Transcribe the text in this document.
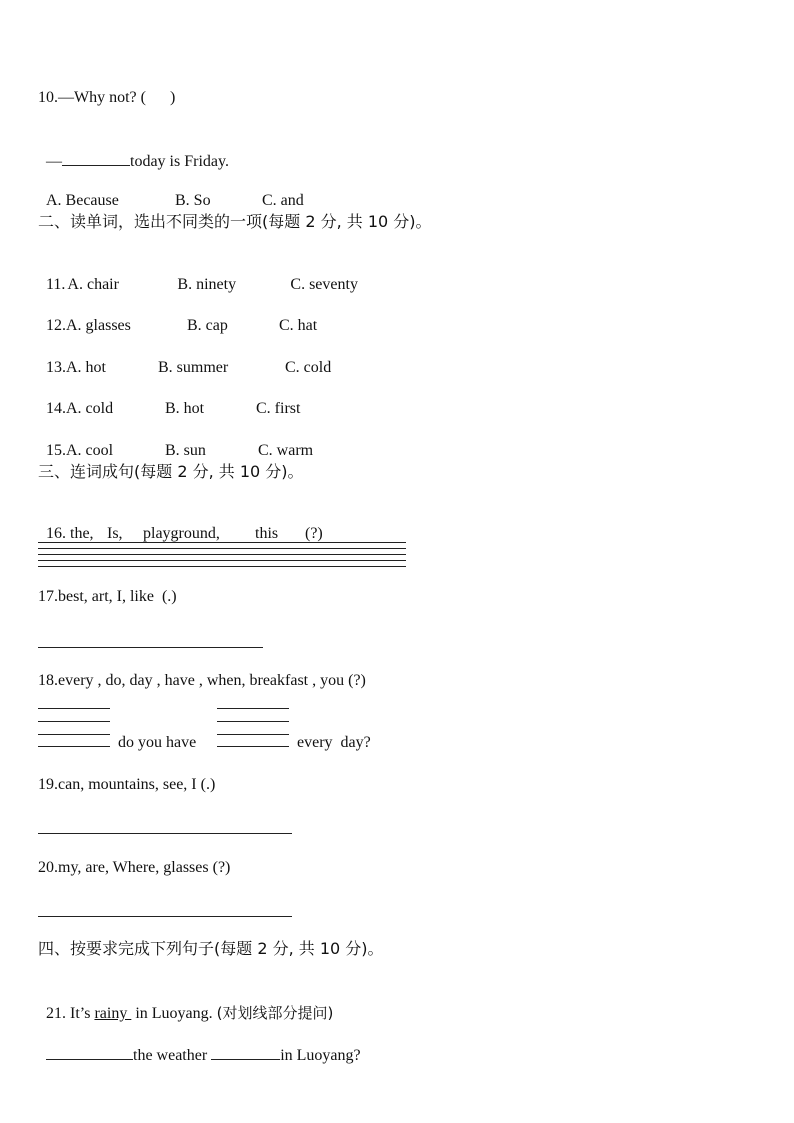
10.—Why not? (      )

—	today is Friday.

A. Because	B. So	C. and

二、读单词，选出不同类的一项(每题 2 分, 共 10 分)。

11. A. chair	B. ninety	C. seventy

12.A. glasses	B. cap	C. hat

13.A. hot	B. summer	C. cold

14.A. cold	B. hot	C. first

15.A. cool	B. sun	C. warm

三、连词成句(每题 2 分, 共 10 分)。

16. the, Is, playground, this (?)

17.best, art, I, like  (.)
18.every , do, day , have , when, breakfast , you (?)
do you have	every  day?
19.can, mountains, see, I (.)
20.my, are, Where, glasses (?)
四、按要求完成下列句子(每题 2 分, 共 10 分)。

21. It’s rainy  in Luoyang. (对划线部分提问)

the weather	in Luoyang?
